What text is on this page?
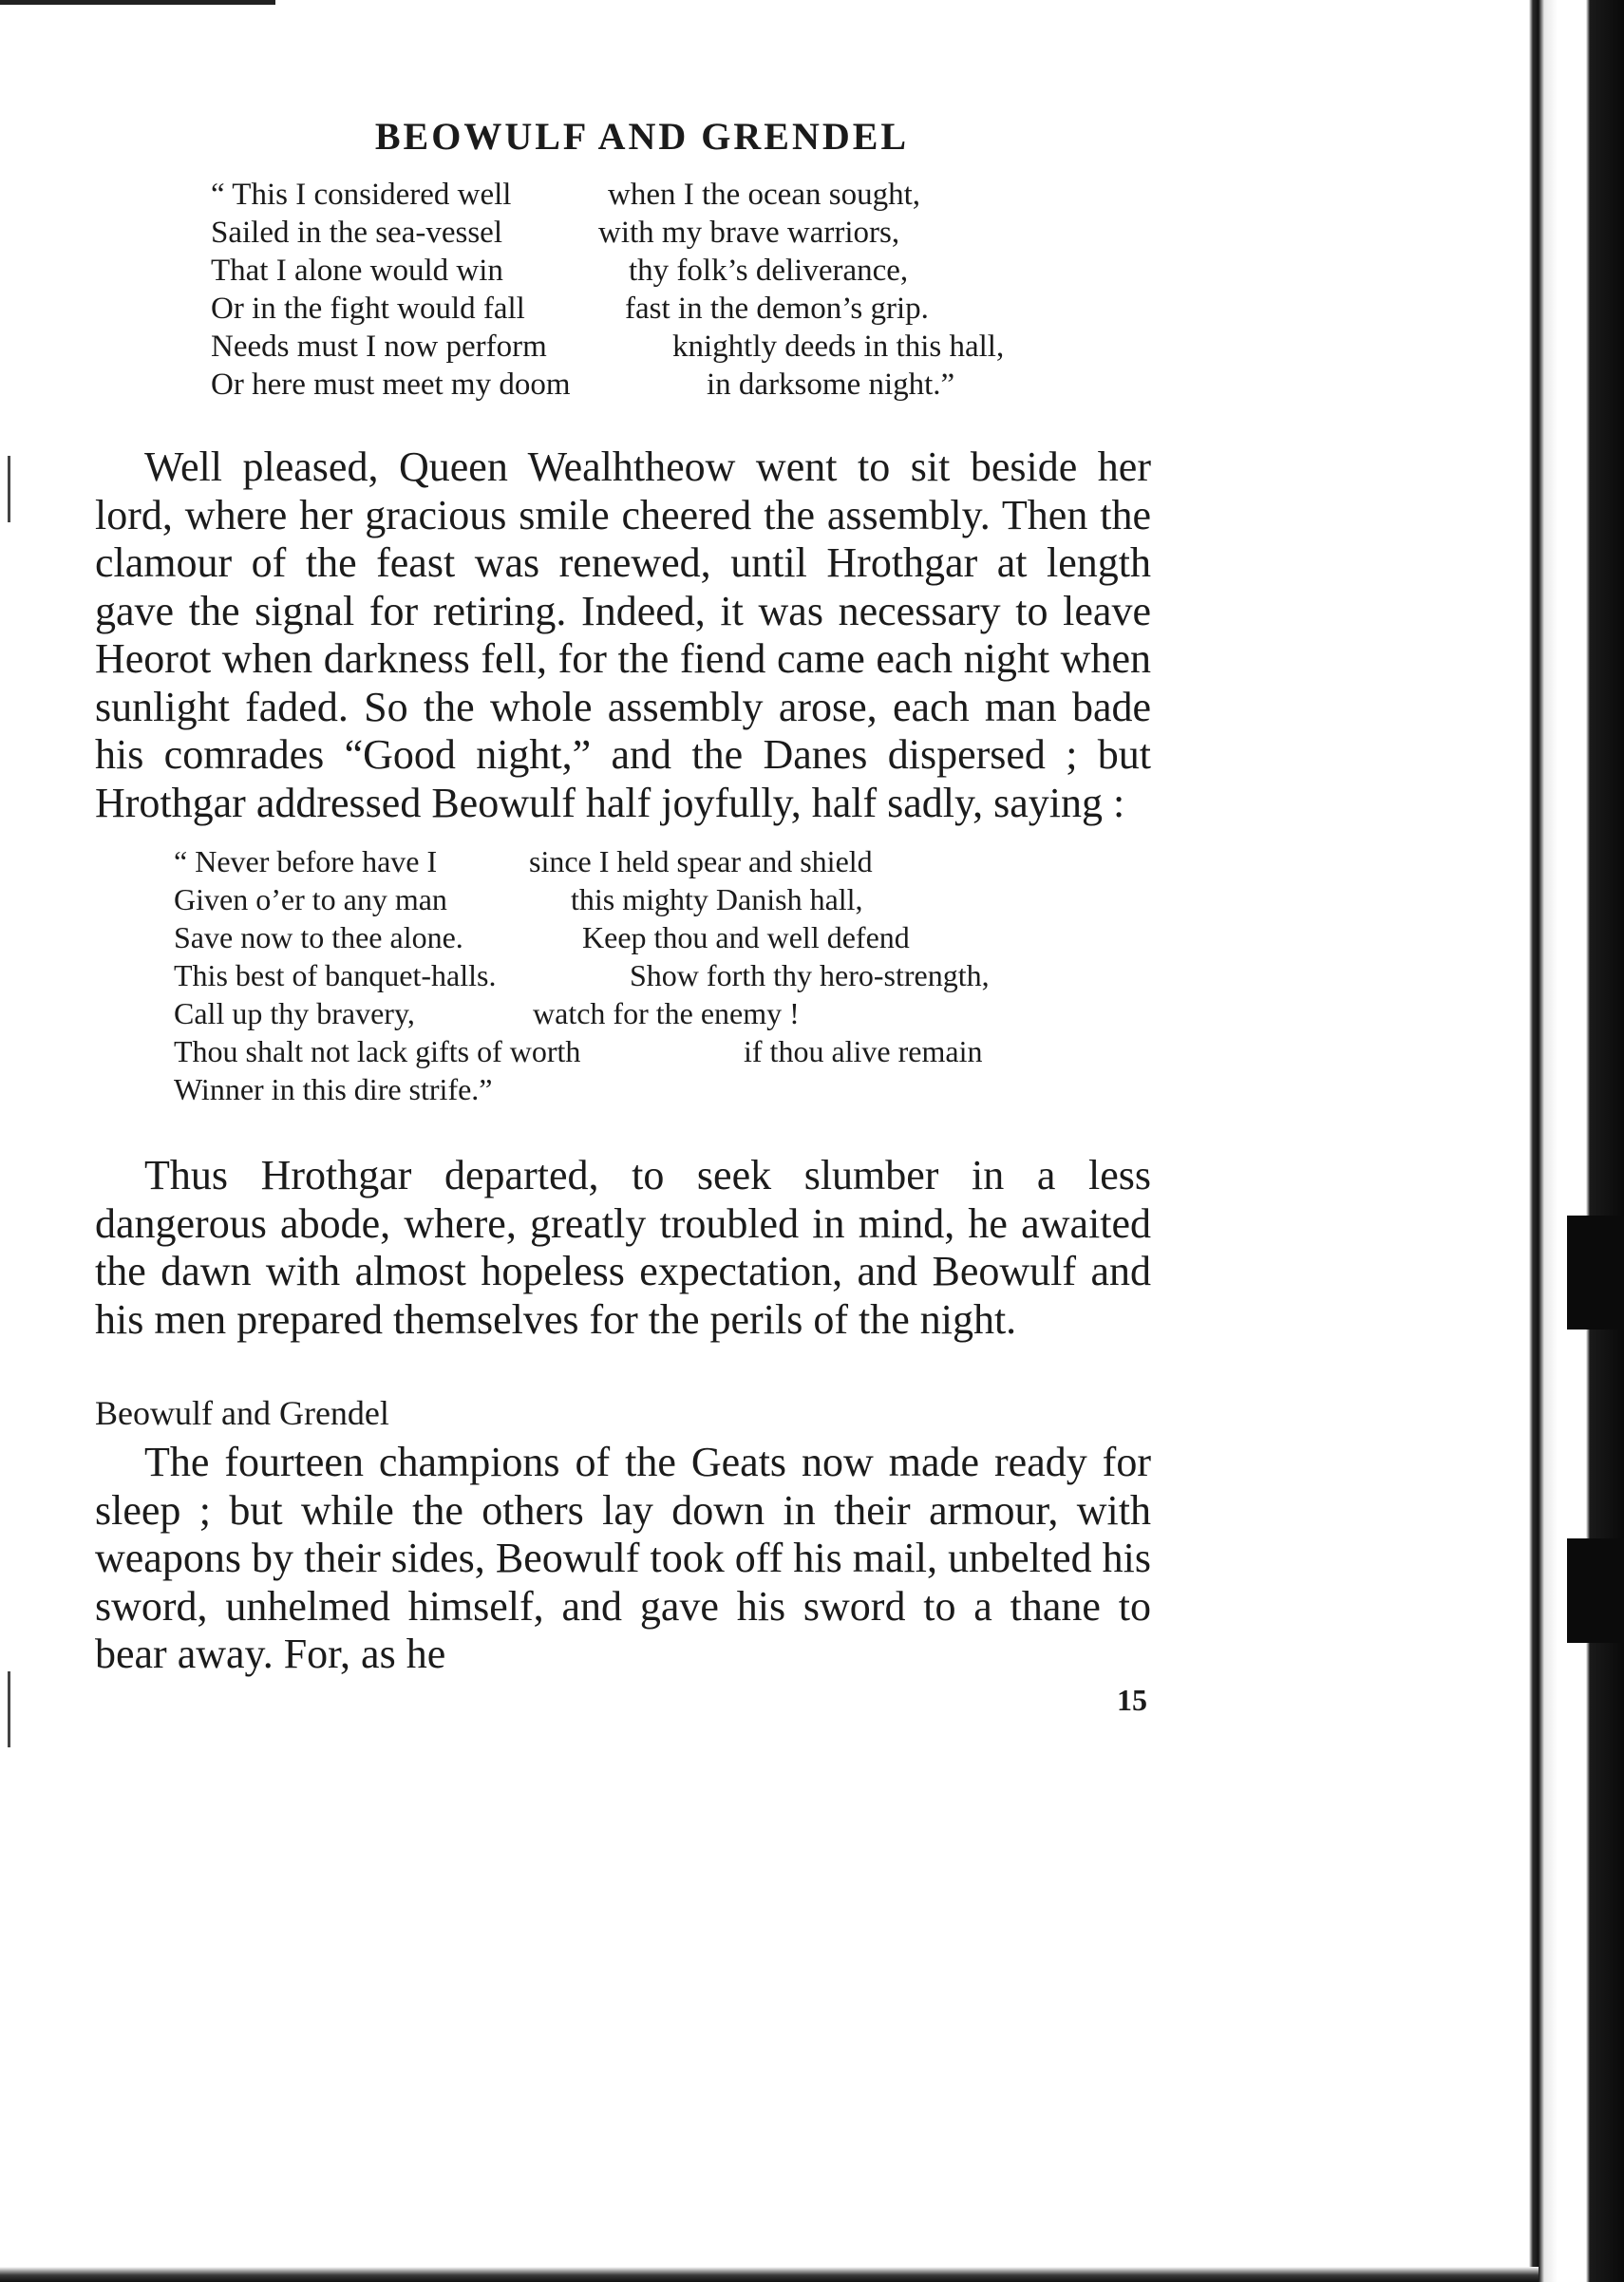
BEOWULF AND GRENDEL
“ This I considered well	when I the ocean sought,
Sailed in the sea-vessel	with my brave warriors,
That I alone would win	thy folk’s deliverance,
Or in the fight would fall	fast in the demon’s grip.
Needs must I now perform	knightly deeds in this hall,
Or here must meet my doom	in darksome night.”

Well pleased, Queen Wealhtheow went to sit beside her lord, where her gracious smile cheered the assembly. Then the clamour of the feast was renewed, until Hrothgar at length gave the signal for retiring. Indeed, it was necessary to leave Heorot when darkness fell, for the fiend came each night when sunlight faded. So the whole assembly arose, each man bade his comrades “Good night,” and the Danes dispersed ; but Hrothgar addressed Beowulf half joyfully, half sadly, saying :

“ Never before have I	since I held spear and shield
Given o’er to any man	this mighty Danish hall,
Save now to thee alone.	Keep thou and well defend
This best of banquet-halls.	Show forth thy hero-strength,
Call up thy bravery,	watch for the enemy !
Thou shalt not lack gifts of worth	if thou alive remain
Winner in this dire strife.”

Thus Hrothgar departed, to seek slumber in a less dangerous abode, where, greatly troubled in mind, he awaited the dawn with almost hopeless expectation, and Beowulf and his men prepared themselves for the perils of the night.

Beowulf and Grendel

The fourteen champions of the Geats now made ready for sleep ; but while the others lay down in their armour, with weapons by their sides, Beowulf took off his mail, unbelted his sword, unhelmed himself, and gave his sword to a thane to bear away. For, as he

15
